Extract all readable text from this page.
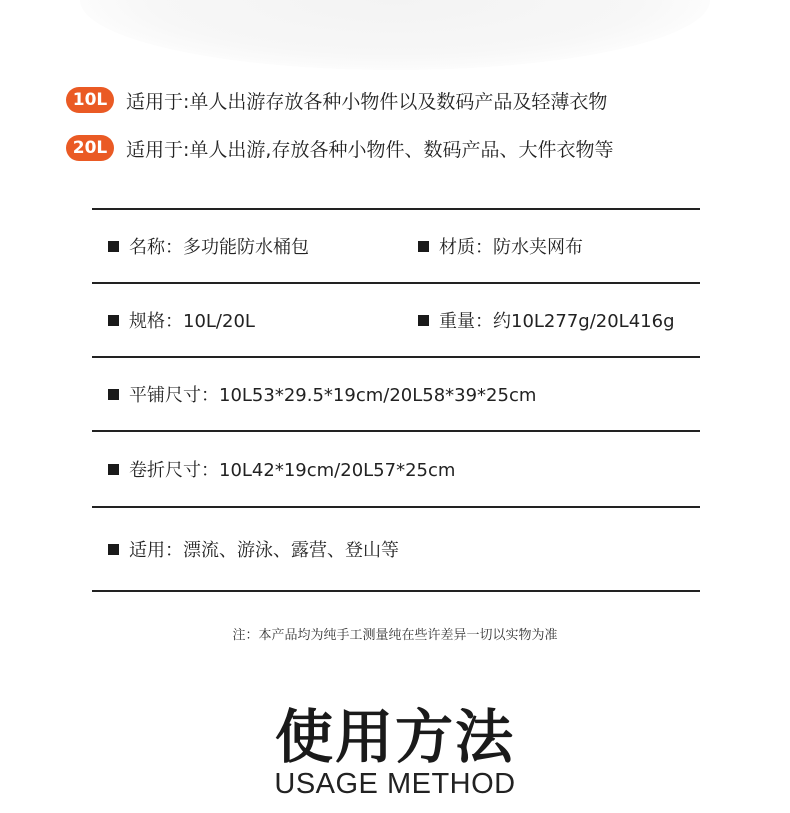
10L 适用于:单人出游存放各种小物件以及数码产品及轻薄衣物
20L 适用于:单人出游,存放各种小物件、数码产品、大件衣物等
名称：多功能防水桶包	材质：防水夹网布
规格：10L/20L	重量：约10L277g/20L416g
平铺尺寸：10L53*29.5*19cm/20L58*39*25cm
卷折尺寸：10L42*19cm/20L57*25cm
适用：漂流、游泳、露营、登山等
注：本产品均为纯手工测量纯在些许差异一切以实物为准
使用方法
USAGE METHOD
